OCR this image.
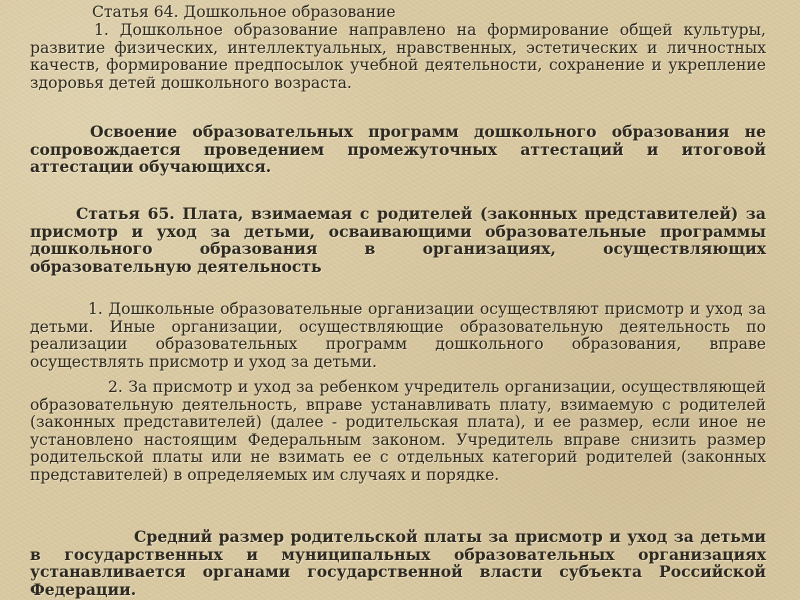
Статья 64. Дошкольное образование

1. Дошкольное образование направлено на формирование общей культуры, развитие физических, интеллектуальных, нравственных, эстетических и личностных качеств, формирование предпосылок учебной деятельности, сохранение и укрепление здоровья детей дошкольного возраста.

Освоение образовательных программ дошкольного образования не сопровождается проведением промежуточных аттестаций и итоговой аттестации обучающихся.

Статья 65. Плата, взимаемая с родителей (законных представителей) за присмотр и уход за детьми, осваивающими образовательные программы дошкольного образования в организациях, осуществляющих образовательную деятельность

1. Дошкольные образовательные организации осуществляют присмотр и уход за детьми. Иные организации, осуществляющие образовательную деятельность по реализации образовательных программ дошкольного образования, вправе осуществлять присмотр и уход за детьми.

2. За присмотр и уход за ребенком учредитель организации, осуществляющей образовательную деятельность, вправе устанавливать плату, взимаемую с родителей (законных представителей) (далее - родительская плата), и ее размер, если иное не установлено настоящим Федеральным законом. Учредитель вправе снизить размер родительской платы или не взимать ее с отдельных категорий родителей (законных представителей) в определяемых им случаях и порядке.

Средний размер родительской платы за присмотр и уход за детьми в государственных и муниципальных образовательных организациях устанавливается органами государственной власти субъекта Российской Федерации.
